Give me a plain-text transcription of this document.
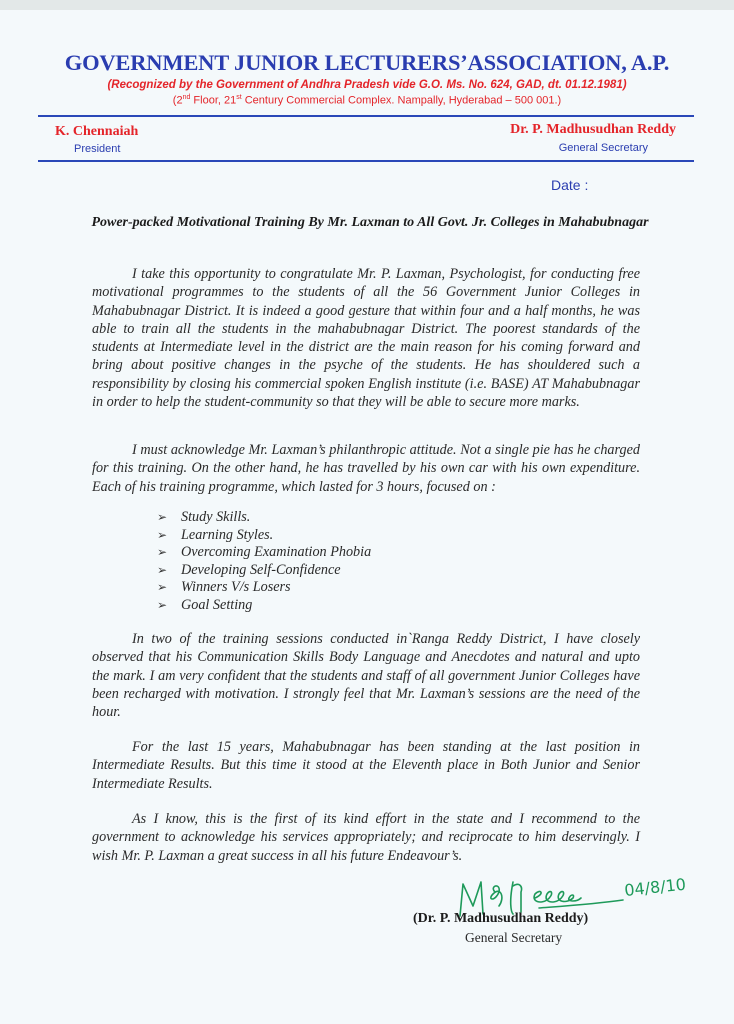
GOVERNMENT JUNIOR LECTURERS’ASSOCIATION, A.P.
(Recognized by the Government of Andhra Pradesh vide G.O. Ms. No. 624, GAD, dt. 01.12.1981)
(2nd Floor, 21st Century Commercial Complex. Nampally, Hyderabad – 500 001.)
K. Chennaiah
President
Dr. P. Madhusudhan Reddy
General Secretary
Date :
Power-packed Motivational Training By Mr. Laxman to All Govt. Jr. Colleges in Mahabubnagar

I take this opportunity to congratulate Mr. P. Laxman, Psychologist, for conducting free motivational programmes to the students of all the 56 Government Junior Colleges in Mahabubnagar District. It is indeed a good gesture that within four and a half months, he was able to train all the students in the mahabubnagar District. The poorest standards of the students at Intermediate level in the district are the main reason for his coming forward and bring about positive changes in the psyche of the students. He has shouldered such a responsibility by closing his commercial spoken English institute (i.e. BASE) AT Mahabubnagar in order to help the student-community so that they will be able to secure more marks.

I must acknowledge Mr. Laxman’s philanthropic attitude. Not a single pie has he charged for this training. On the other hand, he has travelled by his own car with his own expenditure. Each of his training programme, which lasted for 3 hours, focused on :

➢ Study Skills.
➢ Learning Styles.
➢ Overcoming Examination Phobia
➢ Developing Self-Confidence
➢ Winners V/s Losers
➢ Goal Setting

In two of the training sessions conducted in`Ranga Reddy District, I have closely observed that his Communication Skills Body Language and Anecdotes and natural and upto the mark. I am very confident that the students and staff of all government Junior Colleges have been recharged with motivation. I strongly feel that Mr. Laxman’s sessions are the need of the hour.

For the last 15 years, Mahabubnagar has been standing at the last position in Intermediate Results. But this time it stood at the Eleventh place in Both Junior and Senior Intermediate Results.

As I know, this is the first of its kind effort in the state and I recommend to the government to acknowledge his services appropriately; and reciprocate to him deservingly. I wish Mr. P. Laxman a great success in all his future Endeavour’s.

04/8/10
(Dr. P. Madhusudhan Reddy)
General Secretary
